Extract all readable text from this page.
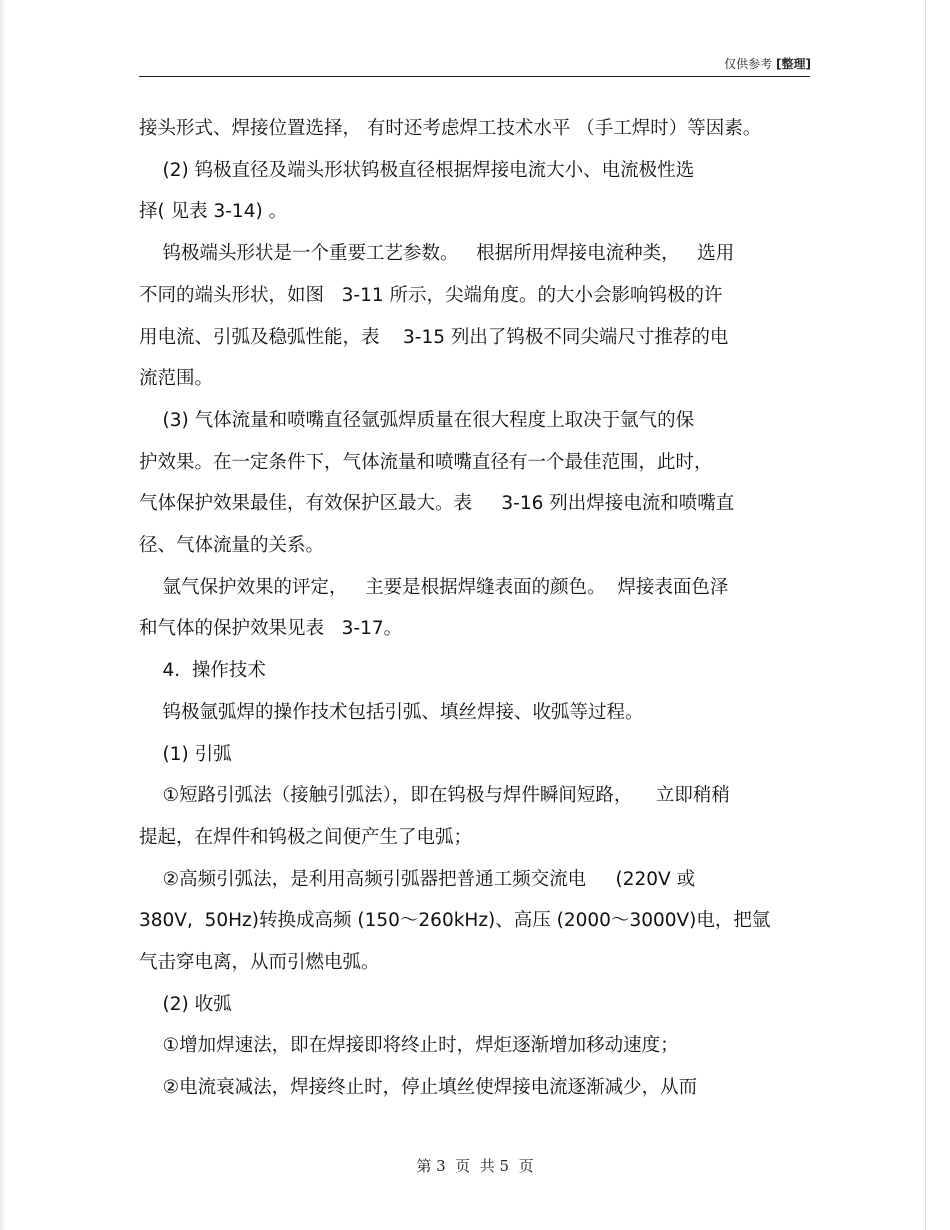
仅供参考 [整理]
接头形式、焊接位置选择， 有时还考虑焊工技术水平 （手工焊时）等因素。
(2) 钨极直径及端头形状钨极直径根据焊接电流大小、电流极性选
择( 见表 3-14) 。
钨极端头形状是一个重要工艺参数。   根据所用焊接电流种类，   选用
不同的端头形状，如图   3-11 所示，尖端角度。的大小会影响钨极的许
用电流、引弧及稳弧性能，表    3-15 列出了钨极不同尖端尺寸推荐的电
流范围。
(3) 气体流量和喷嘴直径氩弧焊质量在很大程度上取决于氩气的保
护效果。在一定条件下，气体流量和喷嘴直径有一个最佳范围，此时，
气体保护效果最佳，有效保护区最大。表     3-16 列出焊接电流和喷嘴直
径、气体流量的关系。
氩气保护效果的评定，   主要是根据焊缝表面的颜色。  焊接表面色泽
和气体的保护效果见表   3-17。
4.  操作技术
钨极氩弧焊的操作技术包括引弧、填丝焊接、收弧等过程。
(1) 引弧
①短路引弧法（接触引弧法），即在钨极与焊件瞬间短路，    立即稍稍
提起，在焊件和钨极之间便产生了电弧；
②高频引弧法，是利用高频引弧器把普通工频交流电     (220V 或
380V,  50Hz)转换成高频 (150～260kHz)、高压 (2000～3000V)电，把氩
气击穿电离，从而引燃电弧。
(2) 收弧
①增加焊速法，即在焊接即将终止时，焊炬逐渐增加移动速度；
②电流衰减法，焊接终止时，停止填丝使焊接电流逐渐减少，从而
第 3  页  共 5  页
